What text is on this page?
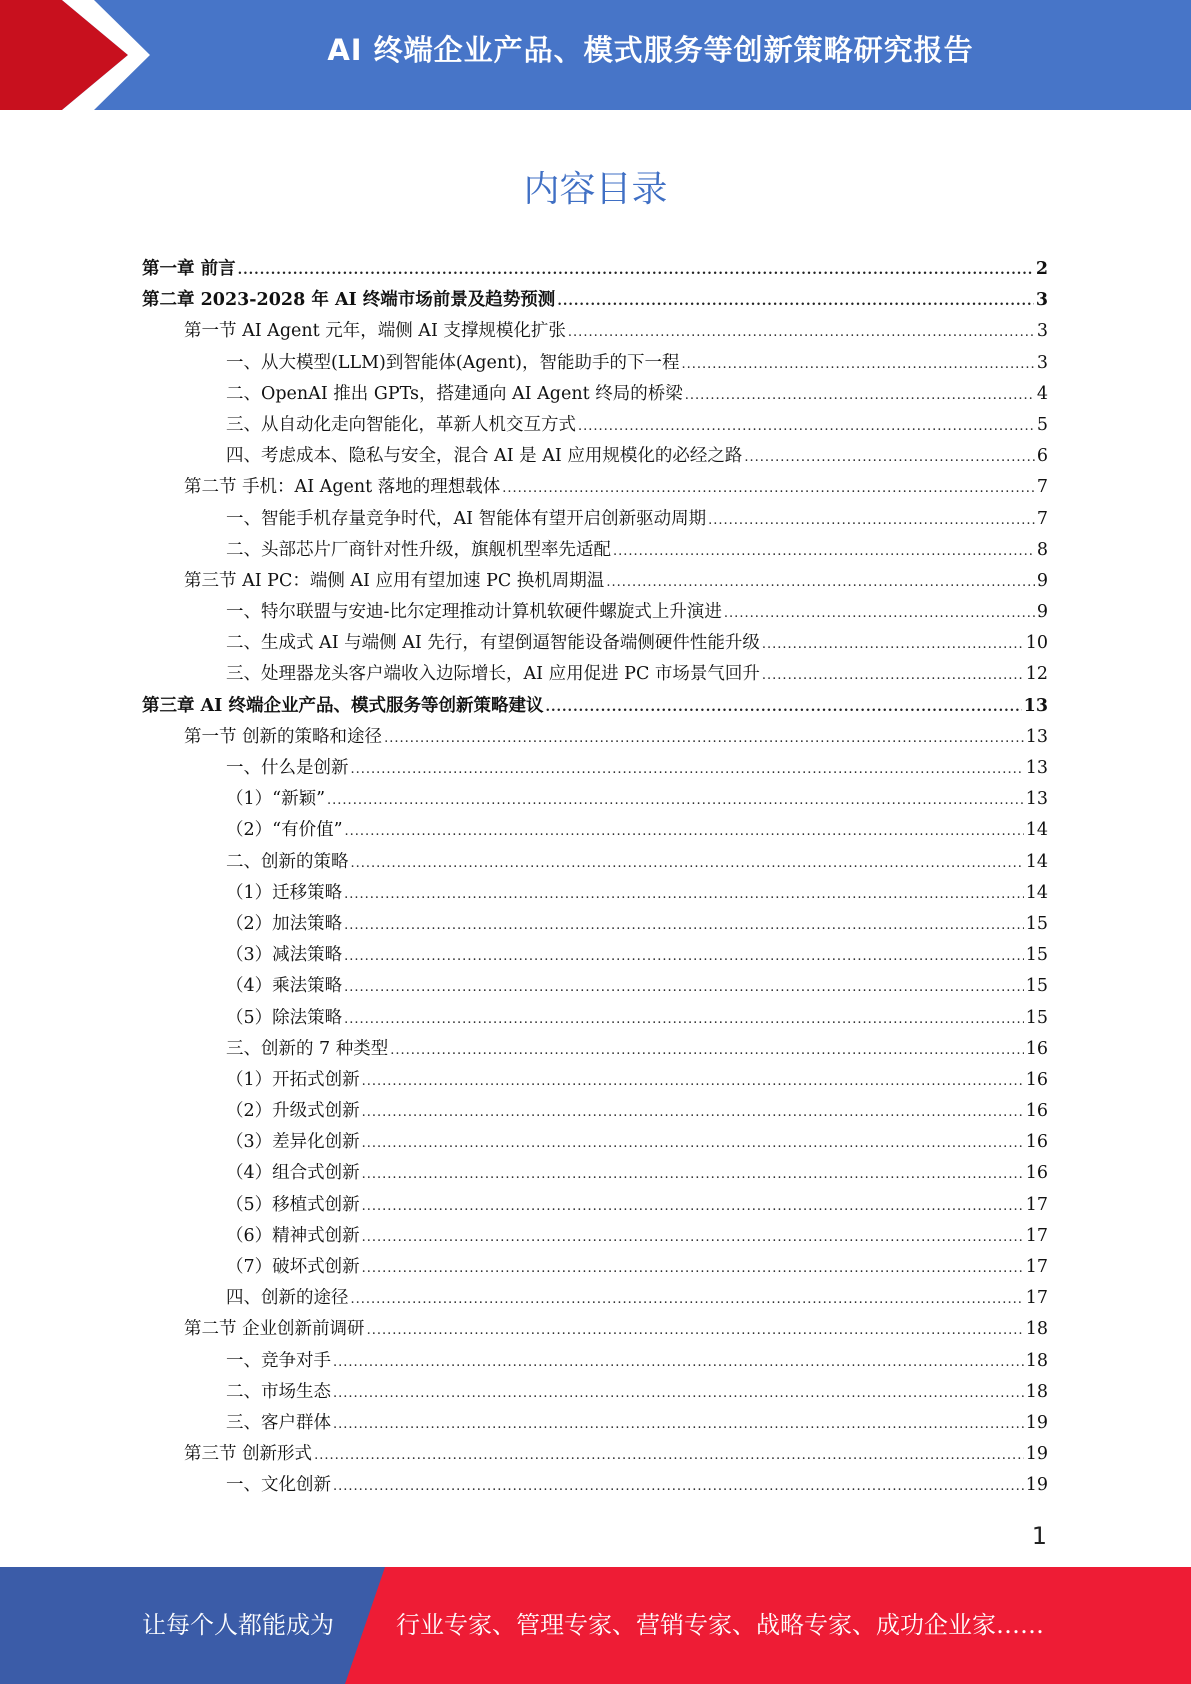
AI 终端企业产品、模式服务等创新策略研究报告
内容目录
第一章 前言 .....	2
第二章 2023-2028 年 AI 终端市场前景及趋势预测 .....	3
第一节 AI Agent 元年，端侧 AI 支撑规模化扩张 .....	3
一、从大模型(LLM)到智能体(Agent)，智能助手的下一程 .....	3
二、OpenAI 推出 GPTs，搭建通向 AI Agent 终局的桥梁 .....	4
三、从自动化走向智能化，革新人机交互方式 .....	5
四、考虑成本、隐私与安全，混合 AI 是 AI 应用规模化的必经之路 .....	6
第二节 手机：AI Agent 落地的理想载体 .....	7
一、智能手机存量竞争时代，AI 智能体有望开启创新驱动周期 .....	7
二、头部芯片厂商针对性升级，旗舰机型率先适配 .....	8
第三节 AI PC：端侧 AI 应用有望加速 PC 换机周期温 .....	9
一、特尔联盟与安迪-比尔定理推动计算机软硬件螺旋式上升演进 .....	9
二、生成式 AI 与端侧 AI 先行，有望倒逼智能设备端侧硬件性能升级 .....	10
三、处理器龙头客户端收入边际增长，AI 应用促进 PC 市场景气回升 .....	12
第三章 AI 终端企业产品、模式服务等创新策略建议 .....	13
第一节 创新的策略和途径 .....	13
一、什么是创新 .....	13
（1）“新颖” .....	13
（2）“有价值” .....	14
二、创新的策略 .....	14
（1）迁移策略 .....	14
（2）加法策略 .....	15
（3）减法策略 .....	15
（4）乘法策略 .....	15
（5）除法策略 .....	15
三、创新的 7 种类型 .....	16
（1）开拓式创新 .....	16
（2）升级式创新 .....	16
（3）差异化创新 .....	16
（4）组合式创新 .....	16
（5）移植式创新 .....	17
（6）精神式创新 .....	17
（7）破坏式创新 .....	17
四、创新的途径 .....	17
第二节 企业创新前调研 .....	18
一、竞争对手 .....	18
二、市场生态 .....	18
三、客户群体 .....	19
第三节 创新形式 .....	19
一、文化创新 .....	19
1
让每个人都能成为	行业专家、管理专家、营销专家、战略专家、成功企业家……
